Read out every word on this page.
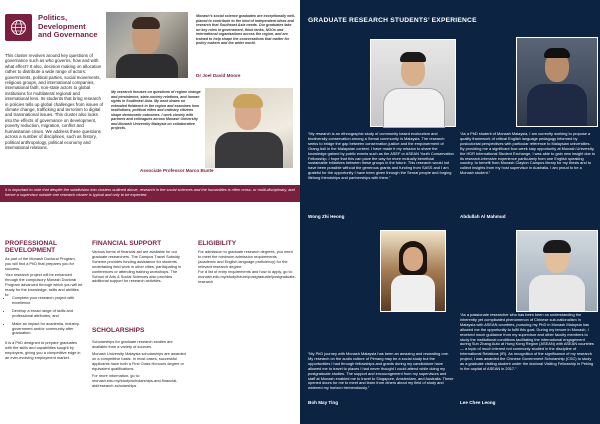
Politics,
Development
and Governance
This cluster revolves around key questions of governance such as who governs, how and with what effect? It also, decision making on allocation rather to distribute a wide range of actors: governments, political parties, social movements, religious groups, and international companies, international faith, non-state actors to global institutions for multilateral regional and international lens. Its students that bring research in policies tells up global challenges from issues of climate change, trafficking and terrorism to digital and transnational issues. This cluster also looks into the effects of governance on development, poverty reduction, migration, conflict and humanitarian crises. We address these questions across a number of disciplines, such as history, political anthropology, political economy and international relations.
Monash’s social science graduates are exceptionally well-placed to contribute to the kind of independent ideas and research that Southeast Asia needs. Our graduates take on key roles in government, think tanks, NGOs and international organisations across the region, and are trained to help shape the conversations that matter for policy makers and the wider world.
Dr Joel David Moore
My research focuses on questions of regime change and persistence, state-society relations, and human rights in Southeast Asia. My work draws on extended fieldwork in the region and examines how institutions, political elites and ordinary citizens shape democratic outcomes. I work closely with partners and colleagues across Monash University and Monash University Malaysia on collaborative projects.
Associate Professor Marco Bunte
It is important to note that despite the subdivision into clusters outlined above, research in the social sciences and the humanities is often cross- or multi-disciplinary, and hence a supervisor outside one research cluster is typical and only to be expected.
PROFESSIONAL
DEVELOPMENT
As part of the Monash Doctoral Program, you will find a PhD that prepares you for success.
Your research project will be enhanced through the compulsory Monash Doctoral Program advanced through which you will be ready for the knowledge, skills and abilities to:
• Complete your research project with excellence
• Develop a broad range of skills and professional attributes, and
• Make an impact for academia, industry, government and/or community after graduation.
It is a PhD designed to prepare graduates with the skills and capabilities sought by employers, giving you a competitive edge in an ever-evolving employment market.
FINANCIAL SUPPORT
Various forms of financial aid are available for our graduate researchers. The Campus Travel Subsidy Scheme provides funding assistance for students undertaking field work in other cities, participating in conferences or attending training workshops. The School of Arts & Social Sciences also provides additional support for research activities.
SCHOLARSHIPS
Scholarships for graduate research studies are available from a variety of sources.
Monash University Malaysia scholarships are awarded on a competitive basis. In most cases, successful applicants have both a First Class Honours degree or equivalent qualifications.
For more information, go to: monash.edu.my/study/scholarships-and-financial-aid/research-scholarships
ELIGIBILITY
For admission to graduate research degrees, you need to meet the minimum admission requirements (academic and English language proficiency) for the relevant research degree.
For a list of entry requirements and how to apply, go to: monash.edu.my/study/future/postgraduate/postgraduate-research
GRADUATE RESEARCH STUDENTS’ EXPERIENCE
“My research is an ethnographic study of community based ecotourism and biodiversity conservation among a Semai community in Malaysia. The research seeks to bridge the gap between conservation justice and the empowerment of Orang Asli in the Malaysian context. I have made it my mission to share the knowledge gained by public events such as the ASEF or ASEAN Youth Conservation Fellowship. I hope that this can pave the way for more mutually beneficial sustainable initiatives between these groups in the future. This research would not have been possible without the generous grants and funding from SASS and I am grateful for the opportunity I have been given through the Semai people and forging lifelong friendships and partnerships with them.”
Wong Zhi Heong
“As a PhD student of Monash Malaysia, I am currently working to propose a quality framework of critical English language pedagogy informed by postcolonial perspectives with particular reference to Malaysian universities. By providing me a significant four-week stay opportunity at Monash University, the HDR International Student Exchange, I was able to gain new insight due to its research-intensive experience particularly from one English speaking country, to benefit from Monash Clayton Campus library for my thesis and to collect insights from my host supervisor in Australia. I am proud to be a Monash student.”
Abdullah Al Mahmud
“My PhD journey with Monash Malaysia has been an amazing and rewarding one. My research on the audio culture of Penang may be a social study but the opportunities I had through fellowships and grants during my candidature have allowed me to travel to places I had never thought I could attend while doing my postgraduate studies. The support and encouragement from my supervisors and staff at Monash enabled me to travel to Singapore, Amsterdam, and Australia. These opened doors for me to meet and learn from others about my field of study and widened my horizon tremendously.”
Boh May Ting
“As a passionate researcher who has been keen on understanding the inherently yet complicated phenomenon of Chinese sub-nationalism in Malaysia with ASEAN countries, pursuing my PhD in Monash Malaysia has allowed me the opportunity to fulfil this goal. During my tenure in Monash, I received much guidance from my supervisor and other faculty members to study the institutional conditions facilitating the international engagement during Sun Zhang Auto at Hong Kong Region (ASEAN) with ASEAN countries — a topic of much interest not commonly studied in the discipline of International Relations (IR). As recognition of the significance of my research project, I was awarded the Chinese Government Scholarship (CSC) to study as a graduate visiting student under the doctoral Visiting Fellowship in Peking in the capital of ASEAN in 2017.”
Lee Chee Leong
